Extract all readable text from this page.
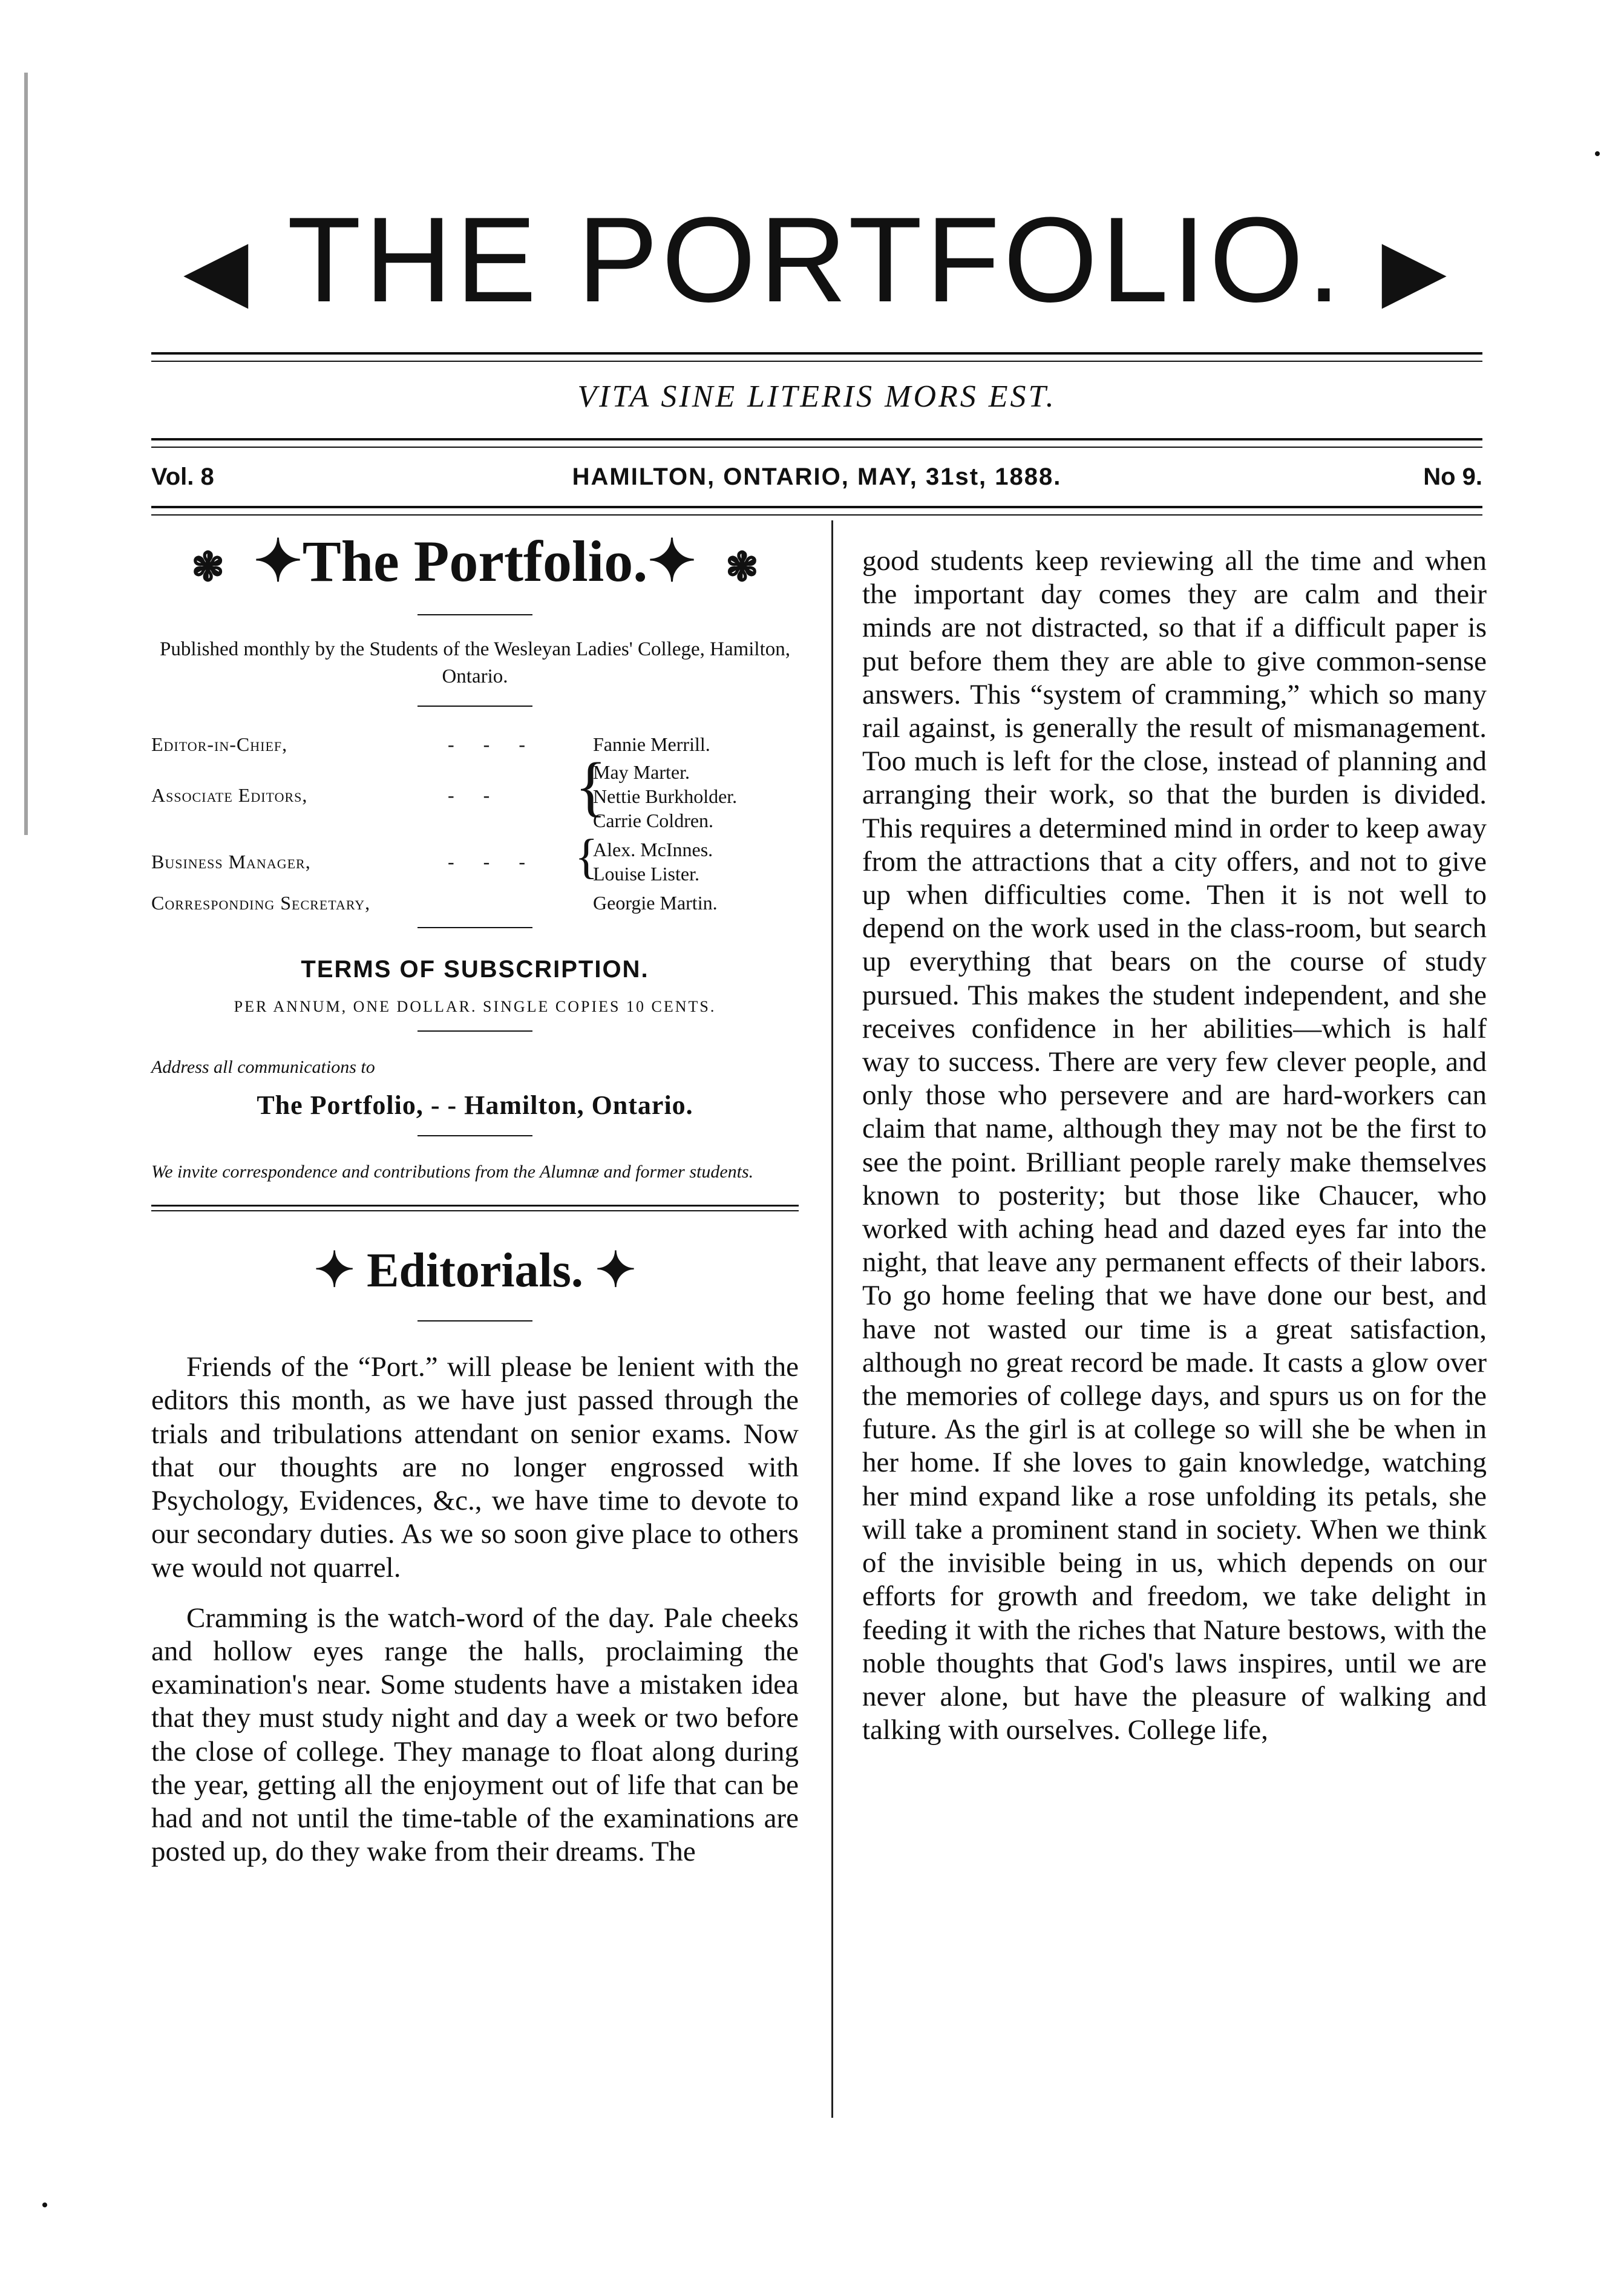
◀ THE PORTFOLIO. ▶
VITA SINE LITERIS MORS EST.
Vol. 8	HAMILTON, ONTARIO, MAY, 31st, 1888.	No 9.
❃  ✦The Portfolio.✦  ❃
Published monthly by the Students of the Wesleyan Ladies' College, Hamilton, Ontario.
Editor-in-Chief,	- - -	Fannie Merrill.
Associate Editors,	- - {
May Marter.
Nettie Burkholder.
Carrie Coldren.
Business Manager,	- - - {
Alex. McInnes.
Louise Lister.
Corresponding Secretary,	Georgie Martin.
TERMS OF SUBSCRIPTION.
PER ANNUM, ONE DOLLAR. SINGLE COPIES 10 CENTS.
Address all communications to
The Portfolio, - - Hamilton, Ontario.
We invite correspondence and contributions from the Alumnæ and former students.
✦ Editorials. ✦

Friends of the “Port.” will please be lenient with the editors this month, as we have just passed through the trials and tribulations attendant on senior exams. Now that our thoughts are no longer engrossed with Psychology, Evidences, &c., we have time to devote to our secondary duties. As we so soon give place to others we would not quarrel.

Cramming is the watch-word of the day. Pale cheeks and hollow eyes range the halls, proclaiming the examination's near. Some students have a mistaken idea that they must study night and day a week or two before the close of college. They manage to float along during the year, getting all the enjoyment out of life that can be had and not until the time-table of the examinations are posted up, do they wake from their dreams. The

good students keep reviewing all the time and when the important day comes they are calm and their minds are not distracted, so that if a difficult paper is put before them they are able to give common-sense answers. This “system of cramming,” which so many rail against, is generally the result of mismanagement. Too much is left for the close, instead of planning and arranging their work, so that the burden is divided. This requires a determined mind in order to keep away from the attractions that a city offers, and not to give up when difficulties come. Then it is not well to depend on the work used in the class-room, but search up everything that bears on the course of study pursued. This makes the student independent, and she receives confidence in her abilities—which is half way to success. There are very few clever people, and only those who persevere and are hard-workers can claim that name, although they may not be the first to see the point. Brilliant people rarely make themselves known to posterity; but those like Chaucer, who worked with aching head and dazed eyes far into the night, that leave any permanent effects of their labors. To go home feeling that we have done our best, and have not wasted our time is a great satisfaction, although no great record be made. It casts a glow over the memories of college days, and spurs us on for the future. As the girl is at college so will she be when in her home. If she loves to gain knowledge, watching her mind expand like a rose unfolding its petals, she will take a prominent stand in society. When we think of the invisible being in us, which depends on our efforts for growth and freedom, we take delight in feeding it with the riches that Nature bestows, with the noble thoughts that God's laws inspires, until we are never alone, but have the pleasure of walking and talking with ourselves. College life,
